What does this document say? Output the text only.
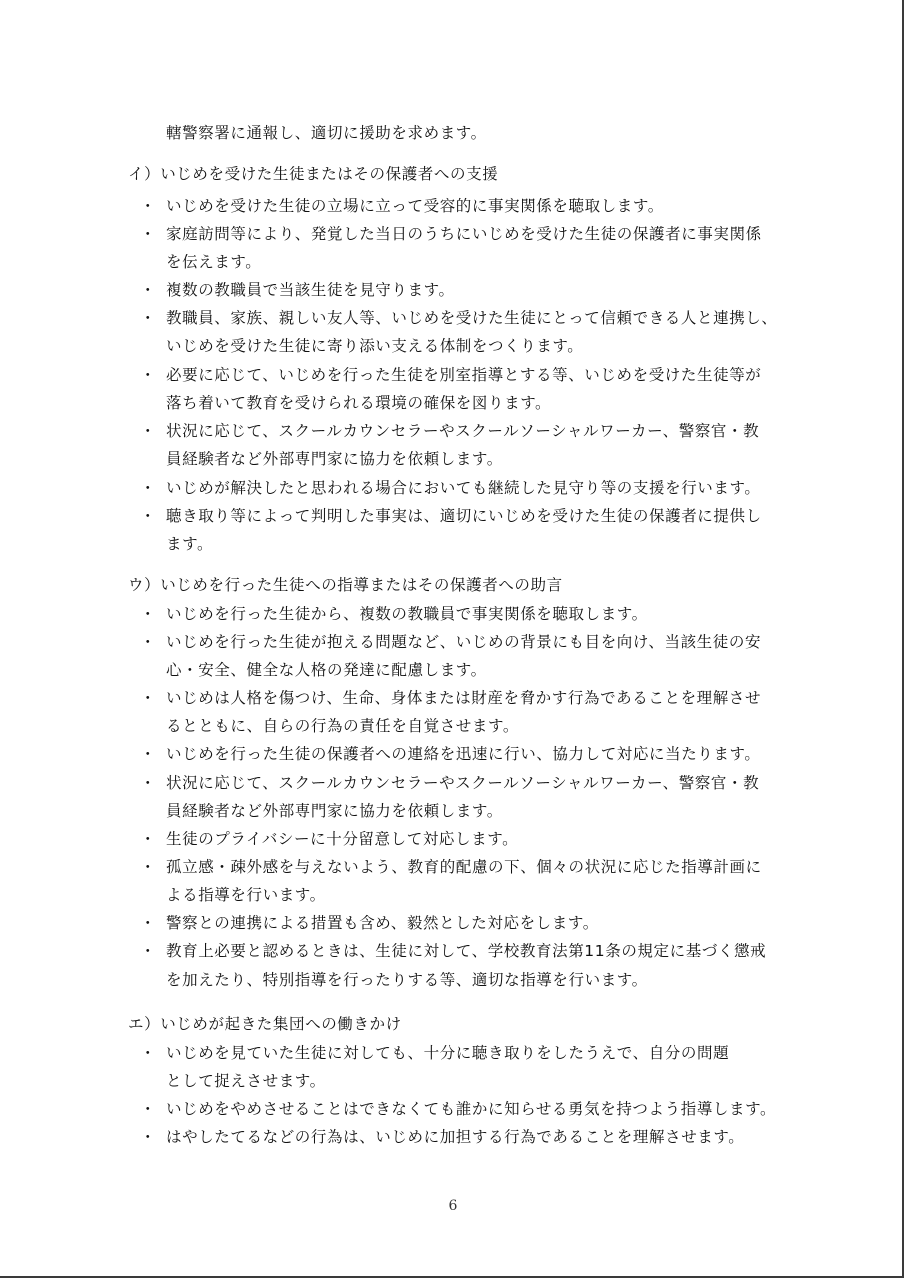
轄警察署に通報し、適切に援助を求めます。
イ）いじめを受けた生徒またはその保護者への支援
・ いじめを受けた生徒の立場に立って受容的に事実関係を聴取します。
・ 家庭訪問等により、発覚した当日のうちにいじめを受けた生徒の保護者に事実関係
を伝えます。
・ 複数の教職員で当該生徒を見守ります。
・ 教職員、家族、親しい友人等、いじめを受けた生徒にとって信頼できる人と連携し、
いじめを受けた生徒に寄り添い支える体制をつくります。
・ 必要に応じて、いじめを行った生徒を別室指導とする等、いじめを受けた生徒等が
落ち着いて教育を受けられる環境の確保を図ります。
・ 状況に応じて、スクールカウンセラーやスクールソーシャルワーカー、警察官・教
員経験者など外部専門家に協力を依頼します。
・ いじめが解決したと思われる場合においても継続した見守り等の支援を行います。
・ 聴き取り等によって判明した事実は、適切にいじめを受けた生徒の保護者に提供し
ます。
ウ）いじめを行った生徒への指導またはその保護者への助言
・ いじめを行った生徒から、複数の教職員で事実関係を聴取します。
・ いじめを行った生徒が抱える問題など、いじめの背景にも目を向け、当該生徒の安
心・安全、健全な人格の発達に配慮します。
・ いじめは人格を傷つけ、生命、身体または財産を脅かす行為であることを理解させ
るとともに、自らの行為の責任を自覚させます。
・ いじめを行った生徒の保護者への連絡を迅速に行い、協力して対応に当たります。
・ 状況に応じて、スクールカウンセラーやスクールソーシャルワーカー、警察官・教
員経験者など外部専門家に協力を依頼します。
・ 生徒のプライバシーに十分留意して対応します。
・ 孤立感・疎外感を与えないよう、教育的配慮の下、個々の状況に応じた指導計画に
よる指導を行います。
・ 警察との連携による措置も含め、毅然とした対応をします。
・ 教育上必要と認めるときは、生徒に対して、学校教育法第11条の規定に基づく懲戒
を加えたり、特別指導を行ったりする等、適切な指導を行います。
エ）いじめが起きた集団への働きかけ
・ いじめを見ていた生徒に対しても、十分に聴き取りをしたうえで、自分の問題
として捉えさせます。
・ いじめをやめさせることはできなくても誰かに知らせる勇気を持つよう指導します。
・ はやしたてるなどの行為は、いじめに加担する行為であることを理解させます。
6
